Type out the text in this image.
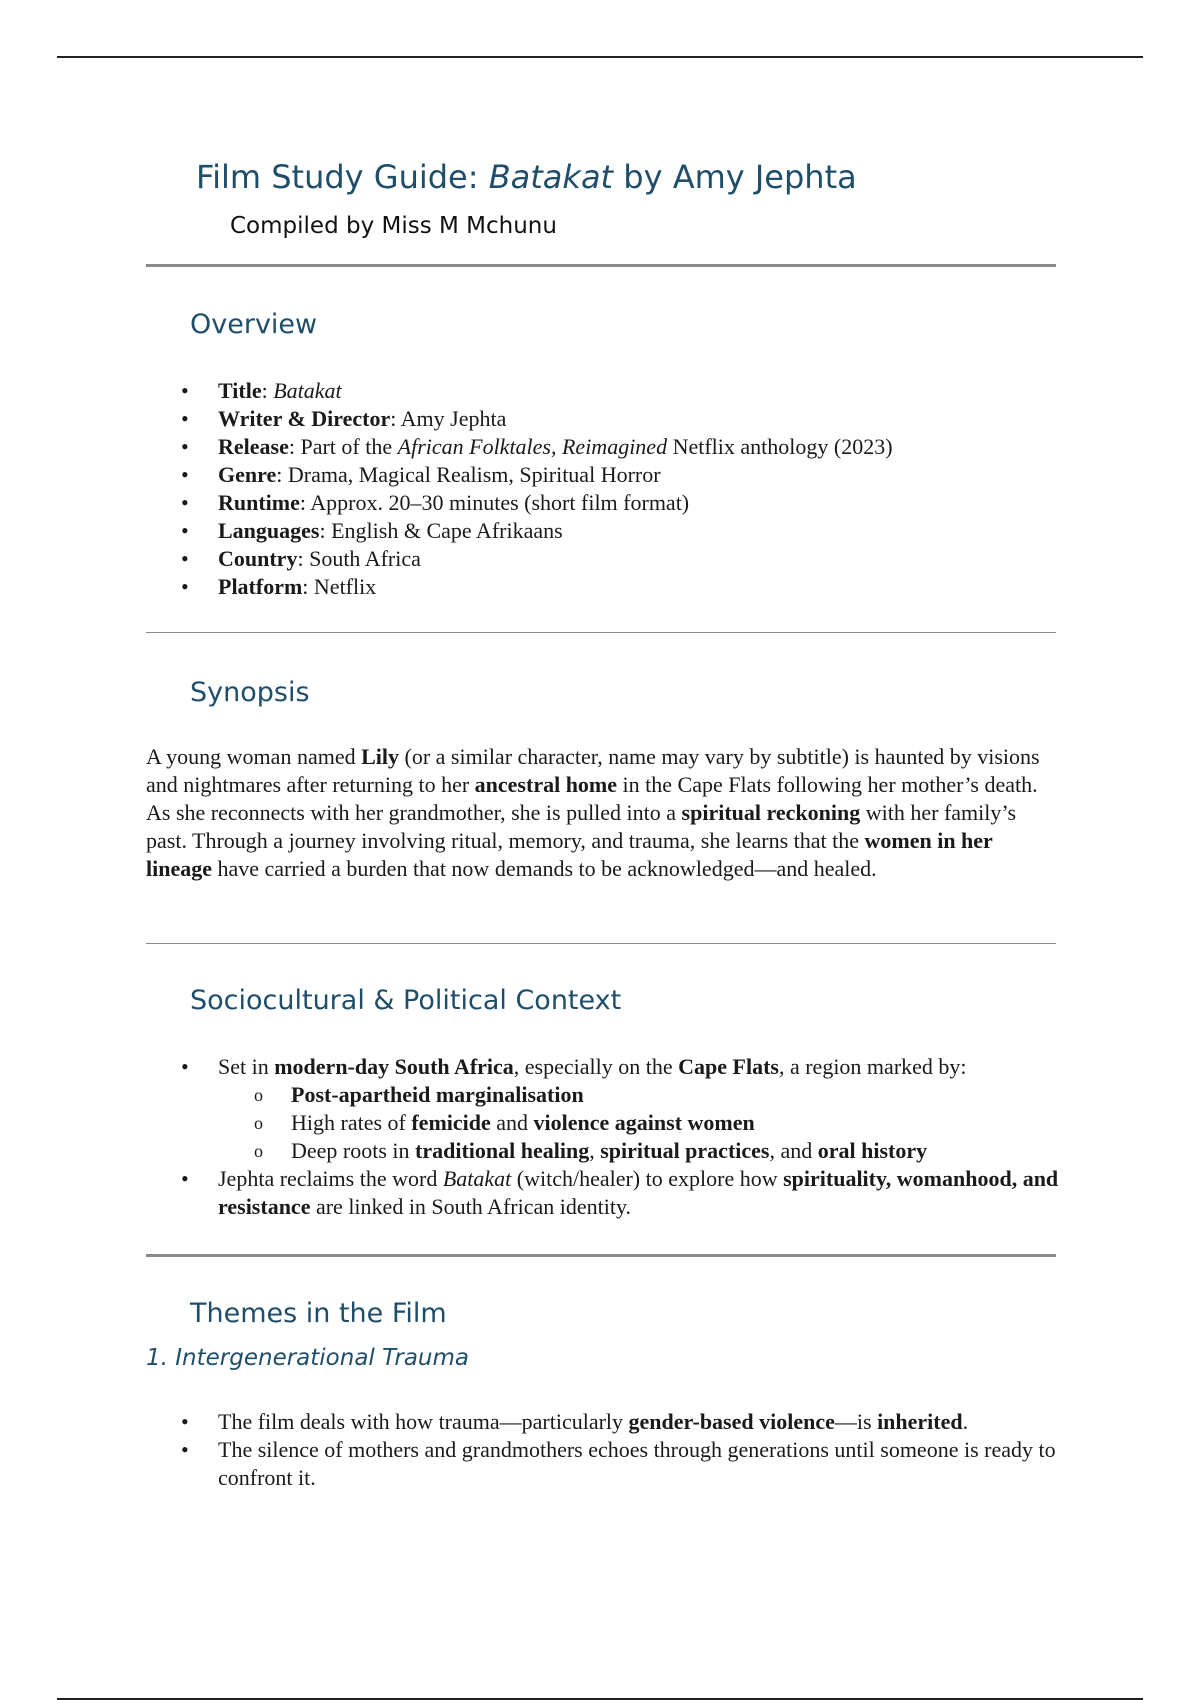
Film Study Guide: Batakat by Amy Jephta
Compiled by Miss M Mchunu
Overview
• Title: Batakat
• Writer & Director: Amy Jephta
• Release: Part of the African Folktales, Reimagined Netflix anthology (2023)
• Genre: Drama, Magical Realism, Spiritual Horror
• Runtime: Approx. 20–30 minutes (short film format)
• Languages: English & Cape Afrikaans
• Country: South Africa
• Platform: Netflix
Synopsis

A young woman named Lily (or a similar character, name may vary by subtitle) is haunted by visions and nightmares after returning to her ancestral home in the Cape Flats following her mother’s death. As she reconnects with her grandmother, she is pulled into a spiritual reckoning with her family’s past. Through a journey involving ritual, memory, and trauma, she learns that the women in her lineage have carried a burden that now demands to be acknowledged—and healed.

Sociocultural & Political Context
• Set in modern-day South Africa, especially on the Cape Flats, a region marked by:
o Post-apartheid marginalisation
o High rates of femicide and violence against women
o Deep roots in traditional healing, spiritual practices, and oral history
• Jephta reclaims the word Batakat (witch/healer) to explore how spirituality, womanhood, and resistance are linked in South African identity.
Themes in the Film
1. Intergenerational Trauma
• The film deals with how trauma—particularly gender-based violence—is inherited.
• The silence of mothers and grandmothers echoes through generations until someone is ready to confront it.
